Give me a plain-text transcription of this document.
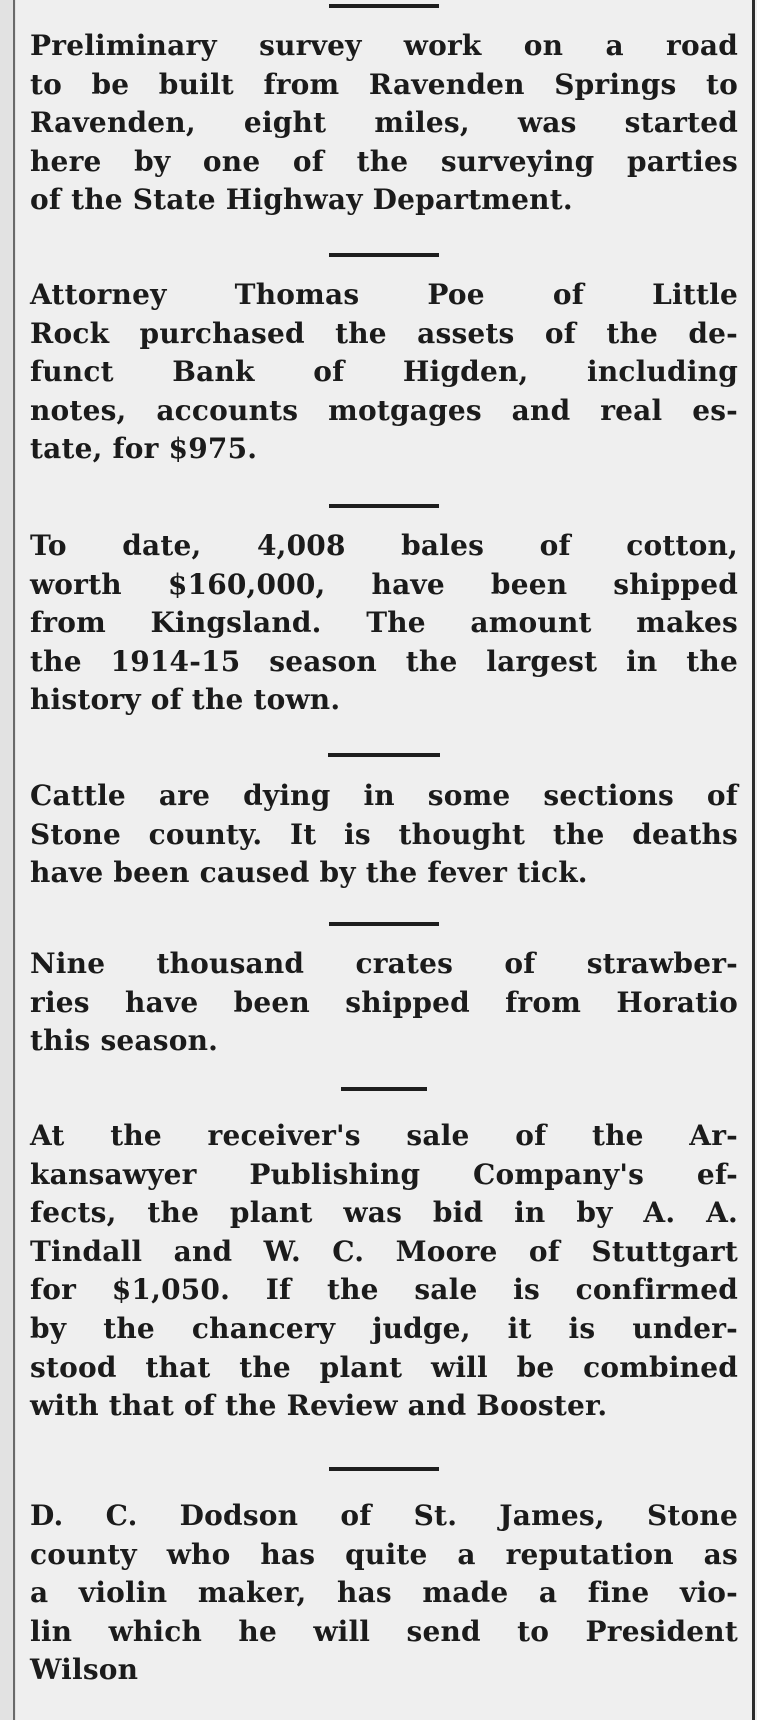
Preliminary survey work on a road
to be built from Ravenden Springs to
Ravenden, eight miles, was started
here by one of the surveying parties
of the State Highway Department.
Attorney Thomas Poe of Little
Rock purchased the assets of the de-
funct Bank of Higden, including
notes, accounts motgages and real es-
tate, for $975.
To date, 4,008 bales of cotton,
worth $160,000, have been shipped
from Kingsland. The amount makes
the 1914-15 season the largest in the
history of the town.
Cattle are dying in some sections of
Stone county. It is thought the deaths
have been caused by the fever tick.
Nine thousand crates of strawber-
ries have been shipped from Horatio
this season.
At the receiver's sale of the Ar-
kansawyer Publishing Company's ef-
fects, the plant was bid in by A. A.
Tindall and W. C. Moore of Stuttgart
for $1,050. If the sale is confirmed
by the chancery judge, it is under-
stood that the plant will be combined
with that of the Review and Booster.
D. C. Dodson of St. James, Stone
county who has quite a reputation as
a violin maker, has made a fine vio-
lin which he will send to President
Wilson
